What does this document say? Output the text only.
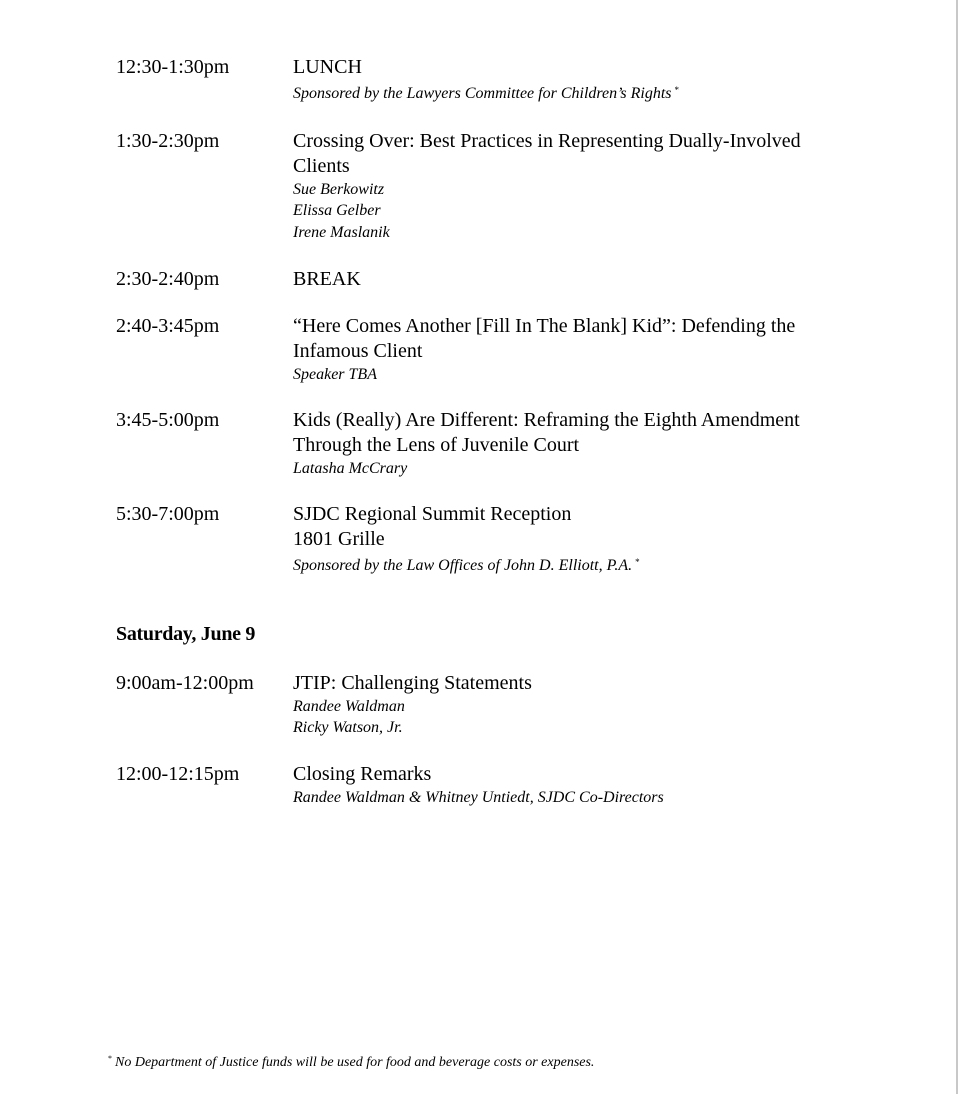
12:30-1:30pm	LUNCH
Sponsored by the Lawyers Committee for Children’s Rights *
1:30-2:30pm	Crossing Over: Best Practices in Representing Dually-Involved
Clients
Sue Berkowitz
Elissa Gelber
Irene Maslanik
2:30-2:40pm	BREAK
2:40-3:45pm	“Here Comes Another [Fill In The Blank] Kid”: Defending the
Infamous Client
Speaker TBA
3:45-5:00pm	Kids (Really) Are Different: Reframing the Eighth Amendment
Through the Lens of Juvenile Court
Latasha McCrary
5:30-7:00pm	SJDC Regional Summit Reception
1801 Grille
Sponsored by the Law Offices of John D. Elliott, P.A. *
Saturday, June 9
9:00am-12:00pm	JTIP: Challenging Statements
Randee Waldman
Ricky Watson, Jr.
12:00-12:15pm	Closing Remarks
Randee Waldman & Whitney Untiedt, SJDC Co-Directors
* No Department of Justice funds will be used for food and beverage costs or expenses.
